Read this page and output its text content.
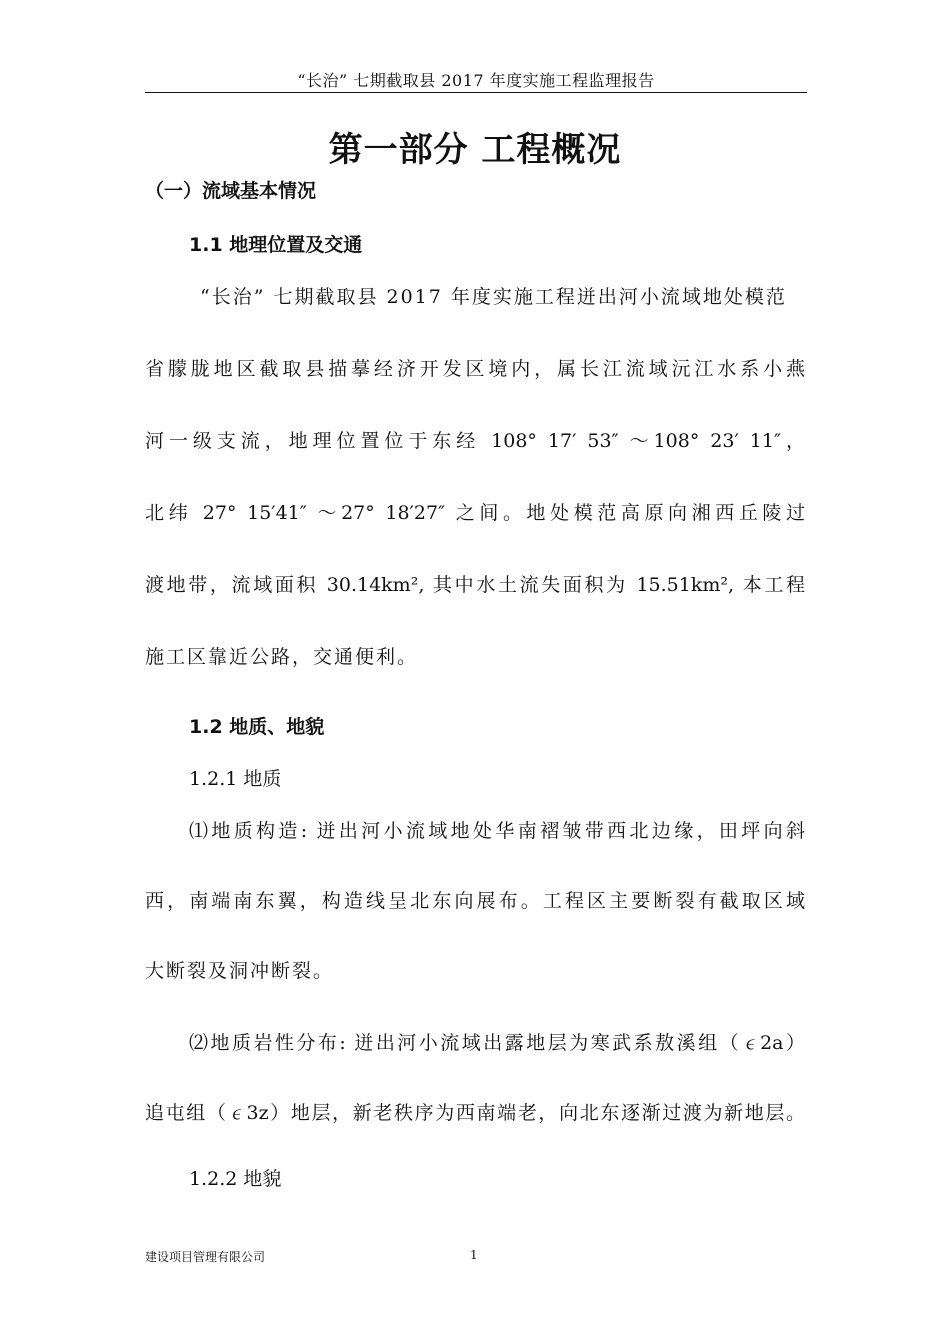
“长治” 七期截取县 2017 年度实施工程监理报告
第一部分 工程概况
（一）流域基本情况
1.1 地理位置及交通
“长治” 七期截取县 2017 年度实施工程迸出河小流域地处模范
省朦胧地区截取县描摹经济开发区境内，属长江流域沅江水系小燕
河一级支流，地理位置位于东经 108° 17′ 53″ ～108° 23′ 11″，
北纬 27° 15′41″ ～27° 18′27″ 之间。地处模范高原向湘西丘陵过
渡地带，流域面积 30.14km², 其中水土流失面积为 15.51km², 本工程
施工区靠近公路，交通便利。
1.2 地质、地貌
1.2.1 地质
⑴地质构造: 迸出河小流域地处华南褶皱带西北边缘，田坪向斜
西，南端南东翼，构造线呈北东向展布。工程区主要断裂有截取区域
大断裂及洞冲断裂。
⑵地质岩性分布: 迸出河小流域出露地层为寒武系敖溪组（∊2a）
追屯组（∊3z）地层，新老秩序为西南端老，向北东逐渐过渡为新地层。
1.2.2 地貌
建设项目管理有限公司	1
